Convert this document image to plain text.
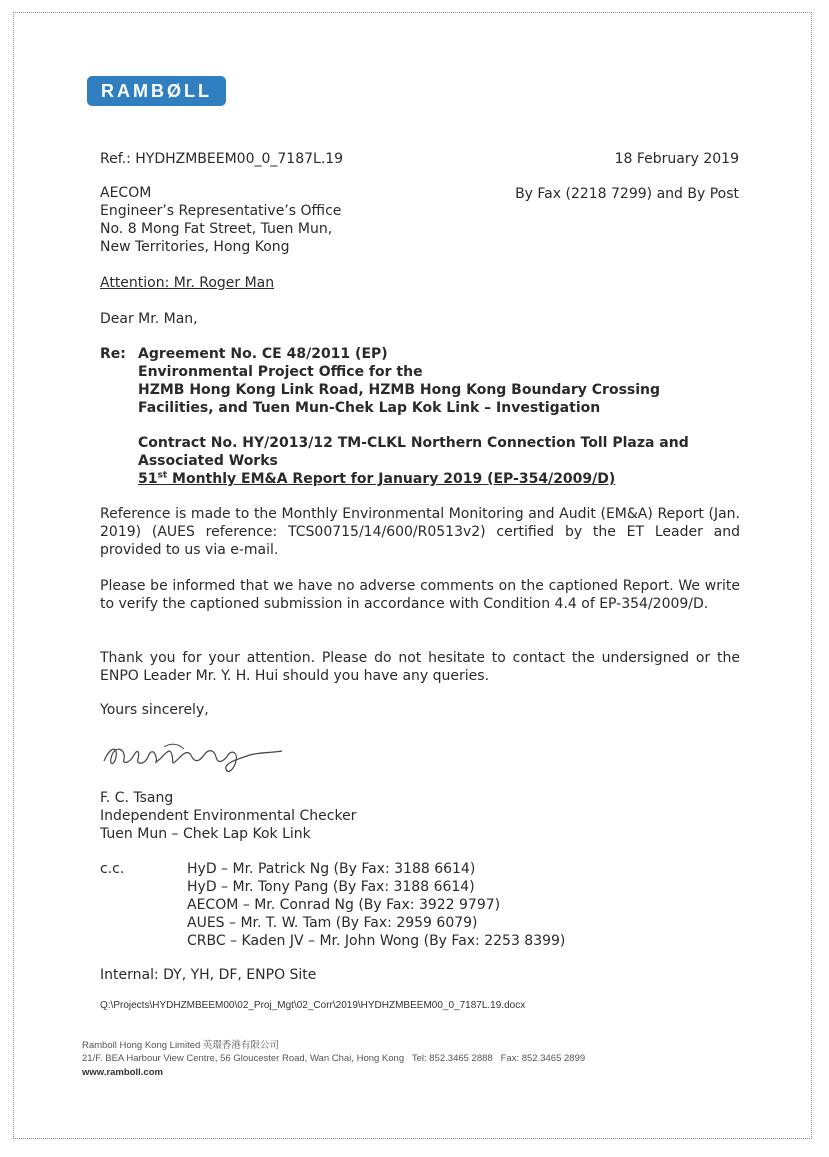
RAMBØLL
Ref.: HYDHZMBEEM00_0_7187L.19	18 February 2019
By Fax (2218 7299) and By Post
AECOM
Engineer’s Representative’s Office
No. 8 Mong Fat Street, Tuen Mun,
New Territories, Hong Kong
Attention: Mr. Roger Man
Dear Mr. Man,
Re: Agreement No. CE 48/2011 (EP)
Environmental Project Office for the
HZMB Hong Kong Link Road, HZMB Hong Kong Boundary Crossing
Facilities, and Tuen Mun-Chek Lap Kok Link – Investigation
Contract No. HY/2013/12 TM-CLKL Northern Connection Toll Plaza and
Associated Works
51st Monthly EM&A Report for January 2019 (EP-354/2009/D)
Reference is made to the Monthly Environmental Monitoring and Audit (EM&A) Report (Jan. 2019) (AUES reference: TCS00715/14/600/R0513v2) certified by the ET Leader and provided to us via e-mail.
Please be informed that we have no adverse comments on the captioned Report. We write to verify the captioned submission in accordance with Condition 4.4 of EP-354/2009/D.
Thank you for your attention. Please do not hesitate to contact the undersigned or the ENPO Leader Mr. Y. H. Hui should you have any queries.
Yours sincerely,
F. C. Tsang
Independent Environmental Checker
Tuen Mun – Chek Lap Kok Link
c.c.	HyD – Mr. Patrick Ng (By Fax: 3188 6614)
HyD – Mr. Tony Pang (By Fax: 3188 6614)
AECOM – Mr. Conrad Ng (By Fax: 3922 9797)
AUES – Mr. T. W. Tam (By Fax: 2959 6079)
CRBC – Kaden JV – Mr. John Wong (By Fax: 2253 8399)
Internal: DY, YH, DF, ENPO Site
Q:\Projects\HYDHZMBEEM00\02_Proj_Mgt\02_Corr\2019\HYDHZMBEEM00_0_7187L.19.docx
Ramboll Hong Kong Limited 英環香港有限公司
21/F. BEA Harbour View Centre, 56 Gloucester Road, Wan Chai, Hong Kong Tel: 852.3465 2888 Fax: 852.3465 2899
www.ramboll.com
